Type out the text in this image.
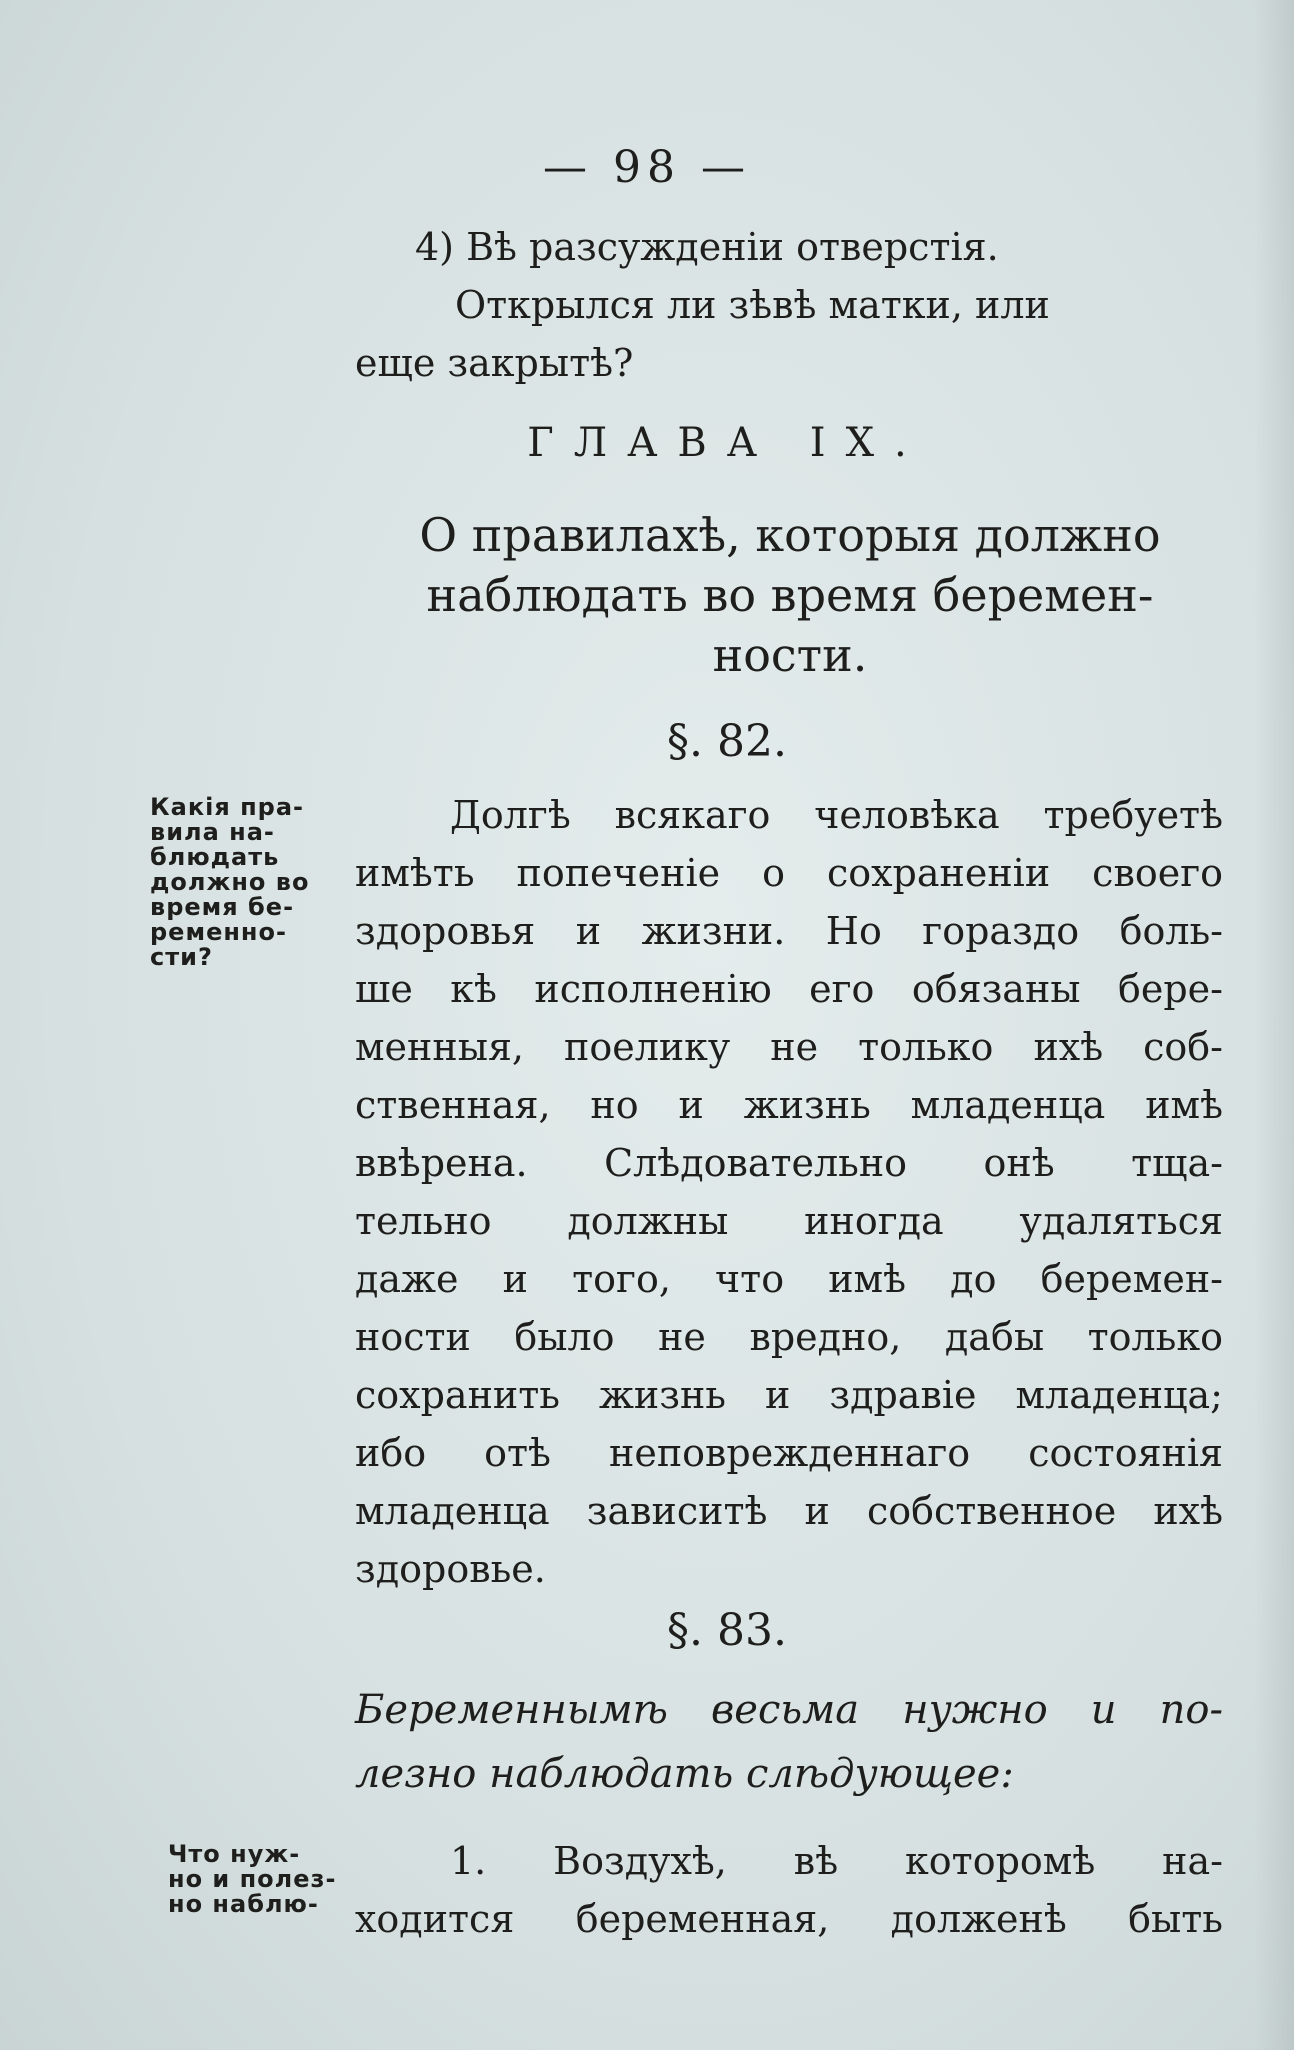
— 98 —
4) Вѣ разсужденіи отверстія.
Открылся ли зѣвѣ матки, или
еще закрытѣ?
ГЛАВА IX.
О правилахѣ, которыя должно
наблюдать во время беремен-
ности.
§. 82.
Какія пра-
вила на-
блюдать
должно во
время бе-
ременно-
сти?
Долгѣ всякаго человѣка требуетѣ
имѣть попеченіе о сохраненіи своего
здоровья и жизни. Но гораздо боль-
ше кѣ исполненію его обязаны бере-
менныя, поелику не только ихѣ соб-
ственная, но и жизнь младенца имѣ
ввѣрена. Слѣдовательно онѣ тща-
тельно должны иногда удаляться
даже и того, что имѣ до беремен-
ности было не вредно, дабы только
сохранить жизнь и здравіе младенца;
ибо отѣ неповрежденнаго состоянія
младенца зависитѣ и собственное ихѣ
здоровье.
§. 83.
Беременнымѣ весьма нужно и по-
лезно наблюдать слѣдующее:
Что нуж-
но и полез-
но наблю-
1. Воздухѣ, вѣ которомѣ на-
ходится беременная, долженѣ быть
